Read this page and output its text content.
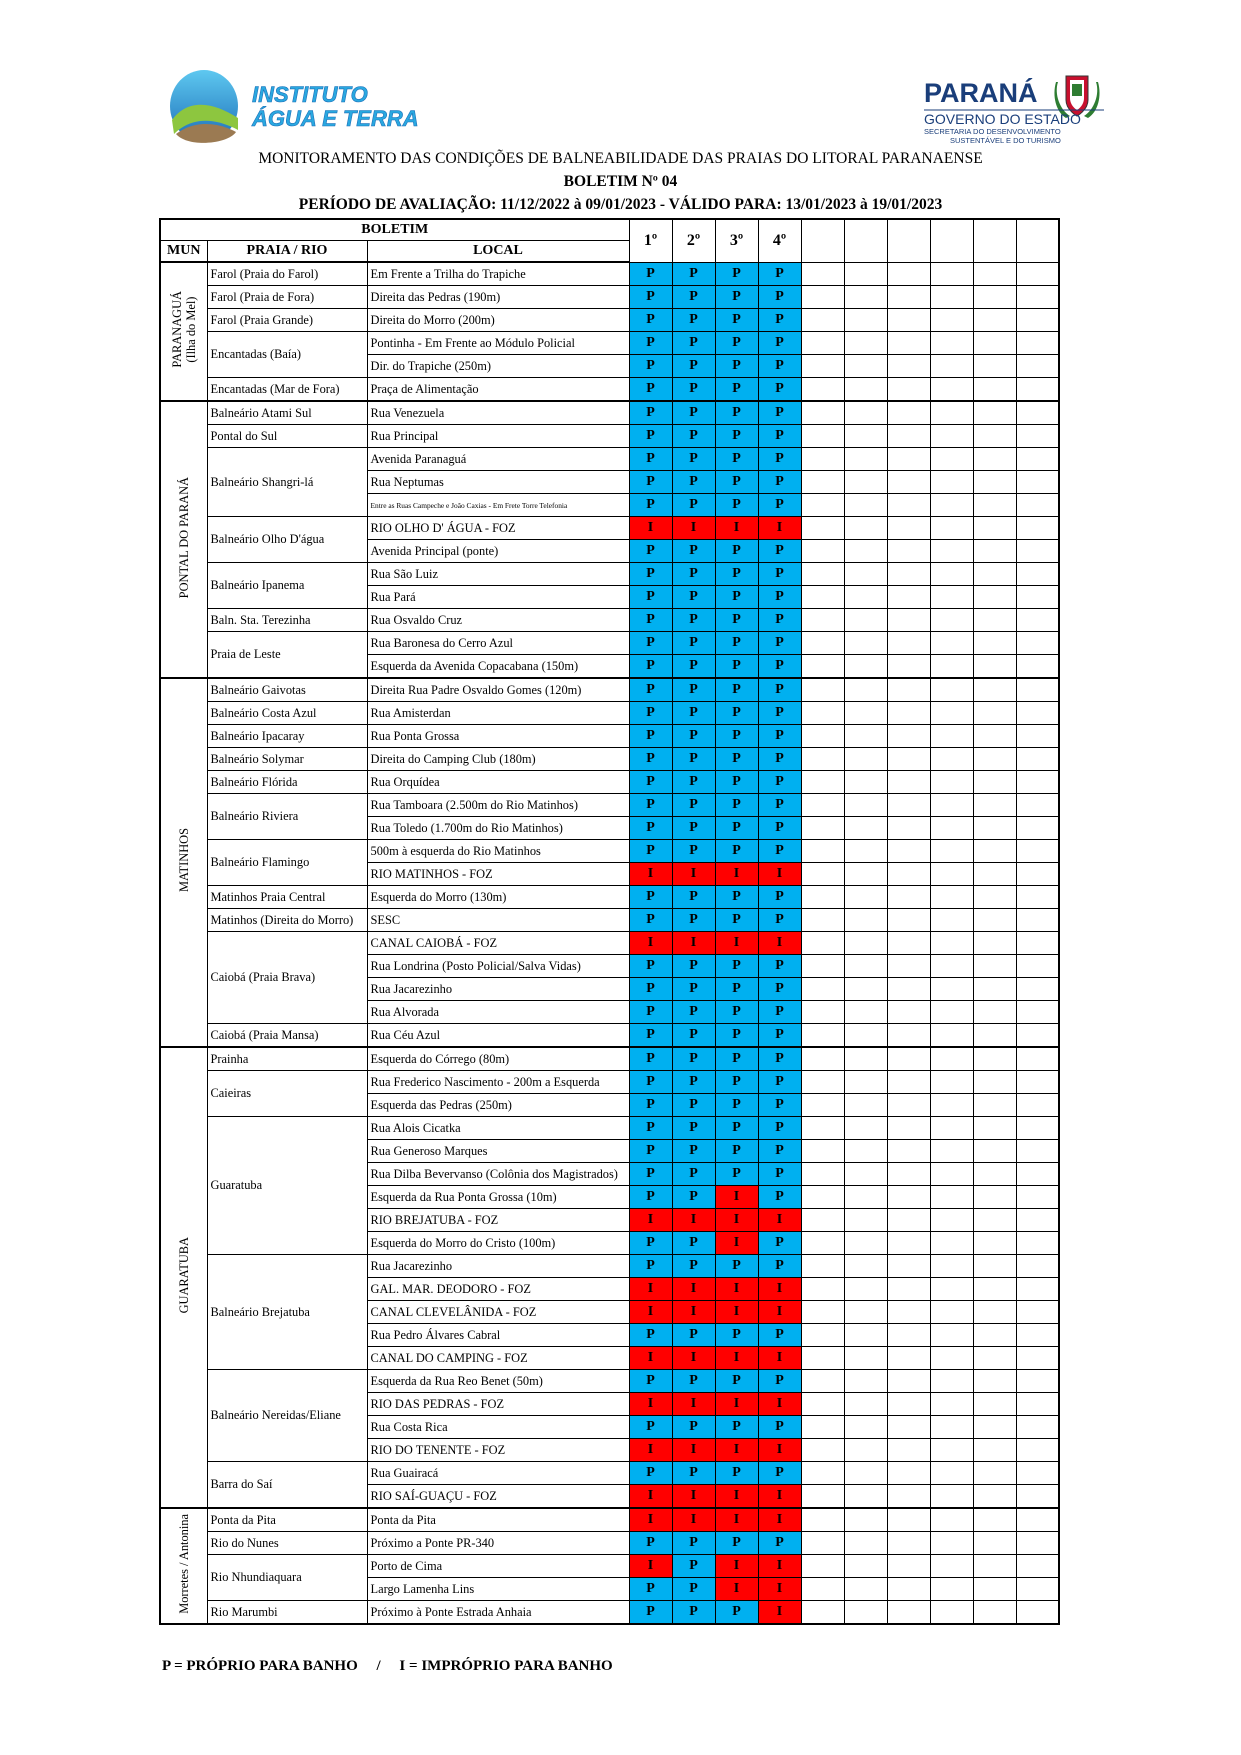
INSTITUTO
ÁGUA E TERRA
PARANÁ
GOVERNO DO ESTADO
SECRETARIA DO DESENVOLVIMENTO
SUSTENTÁVEL E DO TURISMO
MONITORAMENTO DAS CONDIÇÕES DE BALNEABILIDADE DAS PRAIAS DO LITORAL PARANAENSE
BOLETIM Nº 04
PERÍODO DE AVALIAÇÃO: 11/12/2022 à 09/01/2023 - VÁLIDO PARA: 13/01/2023 à 19/01/2023
BOLETIM			1º	2º	3º	4º						
MUN	PRAIA / RIO	LOCAL										
PARANAGUÁ
(Ilha do Mel)	Farol (Praia do Farol)	Em Frente a Trilha do Trapiche	P	P	P	P						
	Farol (Praia de Fora)	Direita das Pedras (190m)	P	P	P	P						
	Farol (Praia Grande)	Direita do Morro (200m)	P	P	P	P						
	Encantadas (Baía)	Pontinha - Em Frente ao Módulo Policial	P	P	P	P						
		Dir. do Trapiche (250m)	P	P	P	P						
	Encantadas (Mar de Fora)	Praça de Alimentação	P	P	P	P						
PONTAL DO PARANÁ	Balneário Atami Sul	Rua Venezuela	P	P	P	P						
	Pontal do Sul	Rua Principal	P	P	P	P						
	Balneário Shangri-lá	Avenida Paranaguá	P	P	P	P						
		Rua Neptumas	P	P	P	P						
		Entre as Ruas Campeche e João Caxias - Em Frete Torre Telefonia	P	P	P	P						
	Balneário Olho D'água	RIO OLHO D' ÁGUA - FOZ	I	I	I	I						
		Avenida Principal (ponte)	P	P	P	P						
	Balneário Ipanema	Rua São Luiz	P	P	P	P						
		Rua Pará	P	P	P	P						
	Baln. Sta. Terezinha	Rua Osvaldo Cruz	P	P	P	P						
	Praia de Leste	Rua Baronesa do Cerro Azul	P	P	P	P						
		Esquerda da Avenida Copacabana (150m)	P	P	P	P						
MATINHOS	Balneário Gaivotas	Direita Rua Padre Osvaldo Gomes (120m)	P	P	P	P						
	Balneário Costa Azul	Rua Amisterdan	P	P	P	P						
	Balneário Ipacaray	Rua Ponta Grossa	P	P	P	P						
	Balneário Solymar	Direita do Camping Club (180m)	P	P	P	P						
	Balneário Flórida	Rua Orquídea	P	P	P	P						
	Balneário Riviera	Rua Tamboara (2.500m do Rio Matinhos)	P	P	P	P						
		Rua Toledo (1.700m do Rio Matinhos)	P	P	P	P						
	Balneário Flamingo	500m à esquerda do Rio Matinhos	P	P	P	P						
		RIO MATINHOS - FOZ	I	I	I	I						
	Matinhos Praia Central	Esquerda do Morro (130m)	P	P	P	P						
	Matinhos (Direita do Morro)	SESC	P	P	P	P						
	Caiobá (Praia Brava)	CANAL CAIOBÁ - FOZ	I	I	I	I						
		Rua Londrina (Posto Policial/Salva Vidas)	P	P	P	P						
		Rua Jacarezinho	P	P	P	P						
		Rua Alvorada	P	P	P	P						
	Caiobá (Praia Mansa)	Rua Céu Azul	P	P	P	P						
GUARATUBA	Prainha	Esquerda do Córrego (80m)	P	P	P	P						
	Caieiras	Rua Frederico Nascimento - 200m a Esquerda	P	P	P	P						
		Esquerda das Pedras (250m)	P	P	P	P						
	Guaratuba	Rua Alois Cicatka	P	P	P	P						
		Rua Generoso Marques	P	P	P	P						
		Rua Dilba Bevervanso (Colônia dos Magistrados)	P	P	P	P						
		Esquerda da Rua Ponta Grossa (10m)	P	P	I	P						
		RIO BREJATUBA - FOZ	I	I	I	I						
		Esquerda do Morro do Cristo (100m)	P	P	I	P						
	Balneário Brejatuba	Rua Jacarezinho	P	P	P	P						
		GAL. MAR. DEODORO - FOZ	I	I	I	I						
		CANAL CLEVELÂNIDA - FOZ	I	I	I	I						
		Rua Pedro Álvares Cabral	P	P	P	P						
		CANAL DO CAMPING - FOZ	I	I	I	I						
	Balneário Nereidas/Eliane	Esquerda da Rua Reo Benet (50m)	P	P	P	P						
		RIO DAS PEDRAS - FOZ	I	I	I	I						
		Rua Costa Rica	P	P	P	P						
		RIO DO TENENTE - FOZ	I	I	I	I						
	Barra do Saí	Rua Guairacá	P	P	P	P						
		RIO SAÍ-GUAÇU - FOZ	I	I	I	I						
Morretes / Antonina	Ponta da Pita	Ponta da Pita	I	I	I	I						
	Rio do Nunes	Próximo a Ponte PR-340	P	P	P	P						
	Rio Nhundiaquara	Porto de Cima	I	P	I	I						
		Largo Lamenha Lins	P	P	I	I						
	Rio Marumbi	Próximo à Ponte Estrada Anhaia	P	P	P	I						
P = PRÓPRIO PARA BANHO     /     I = IMPRÓPRIO PARA BANHO
